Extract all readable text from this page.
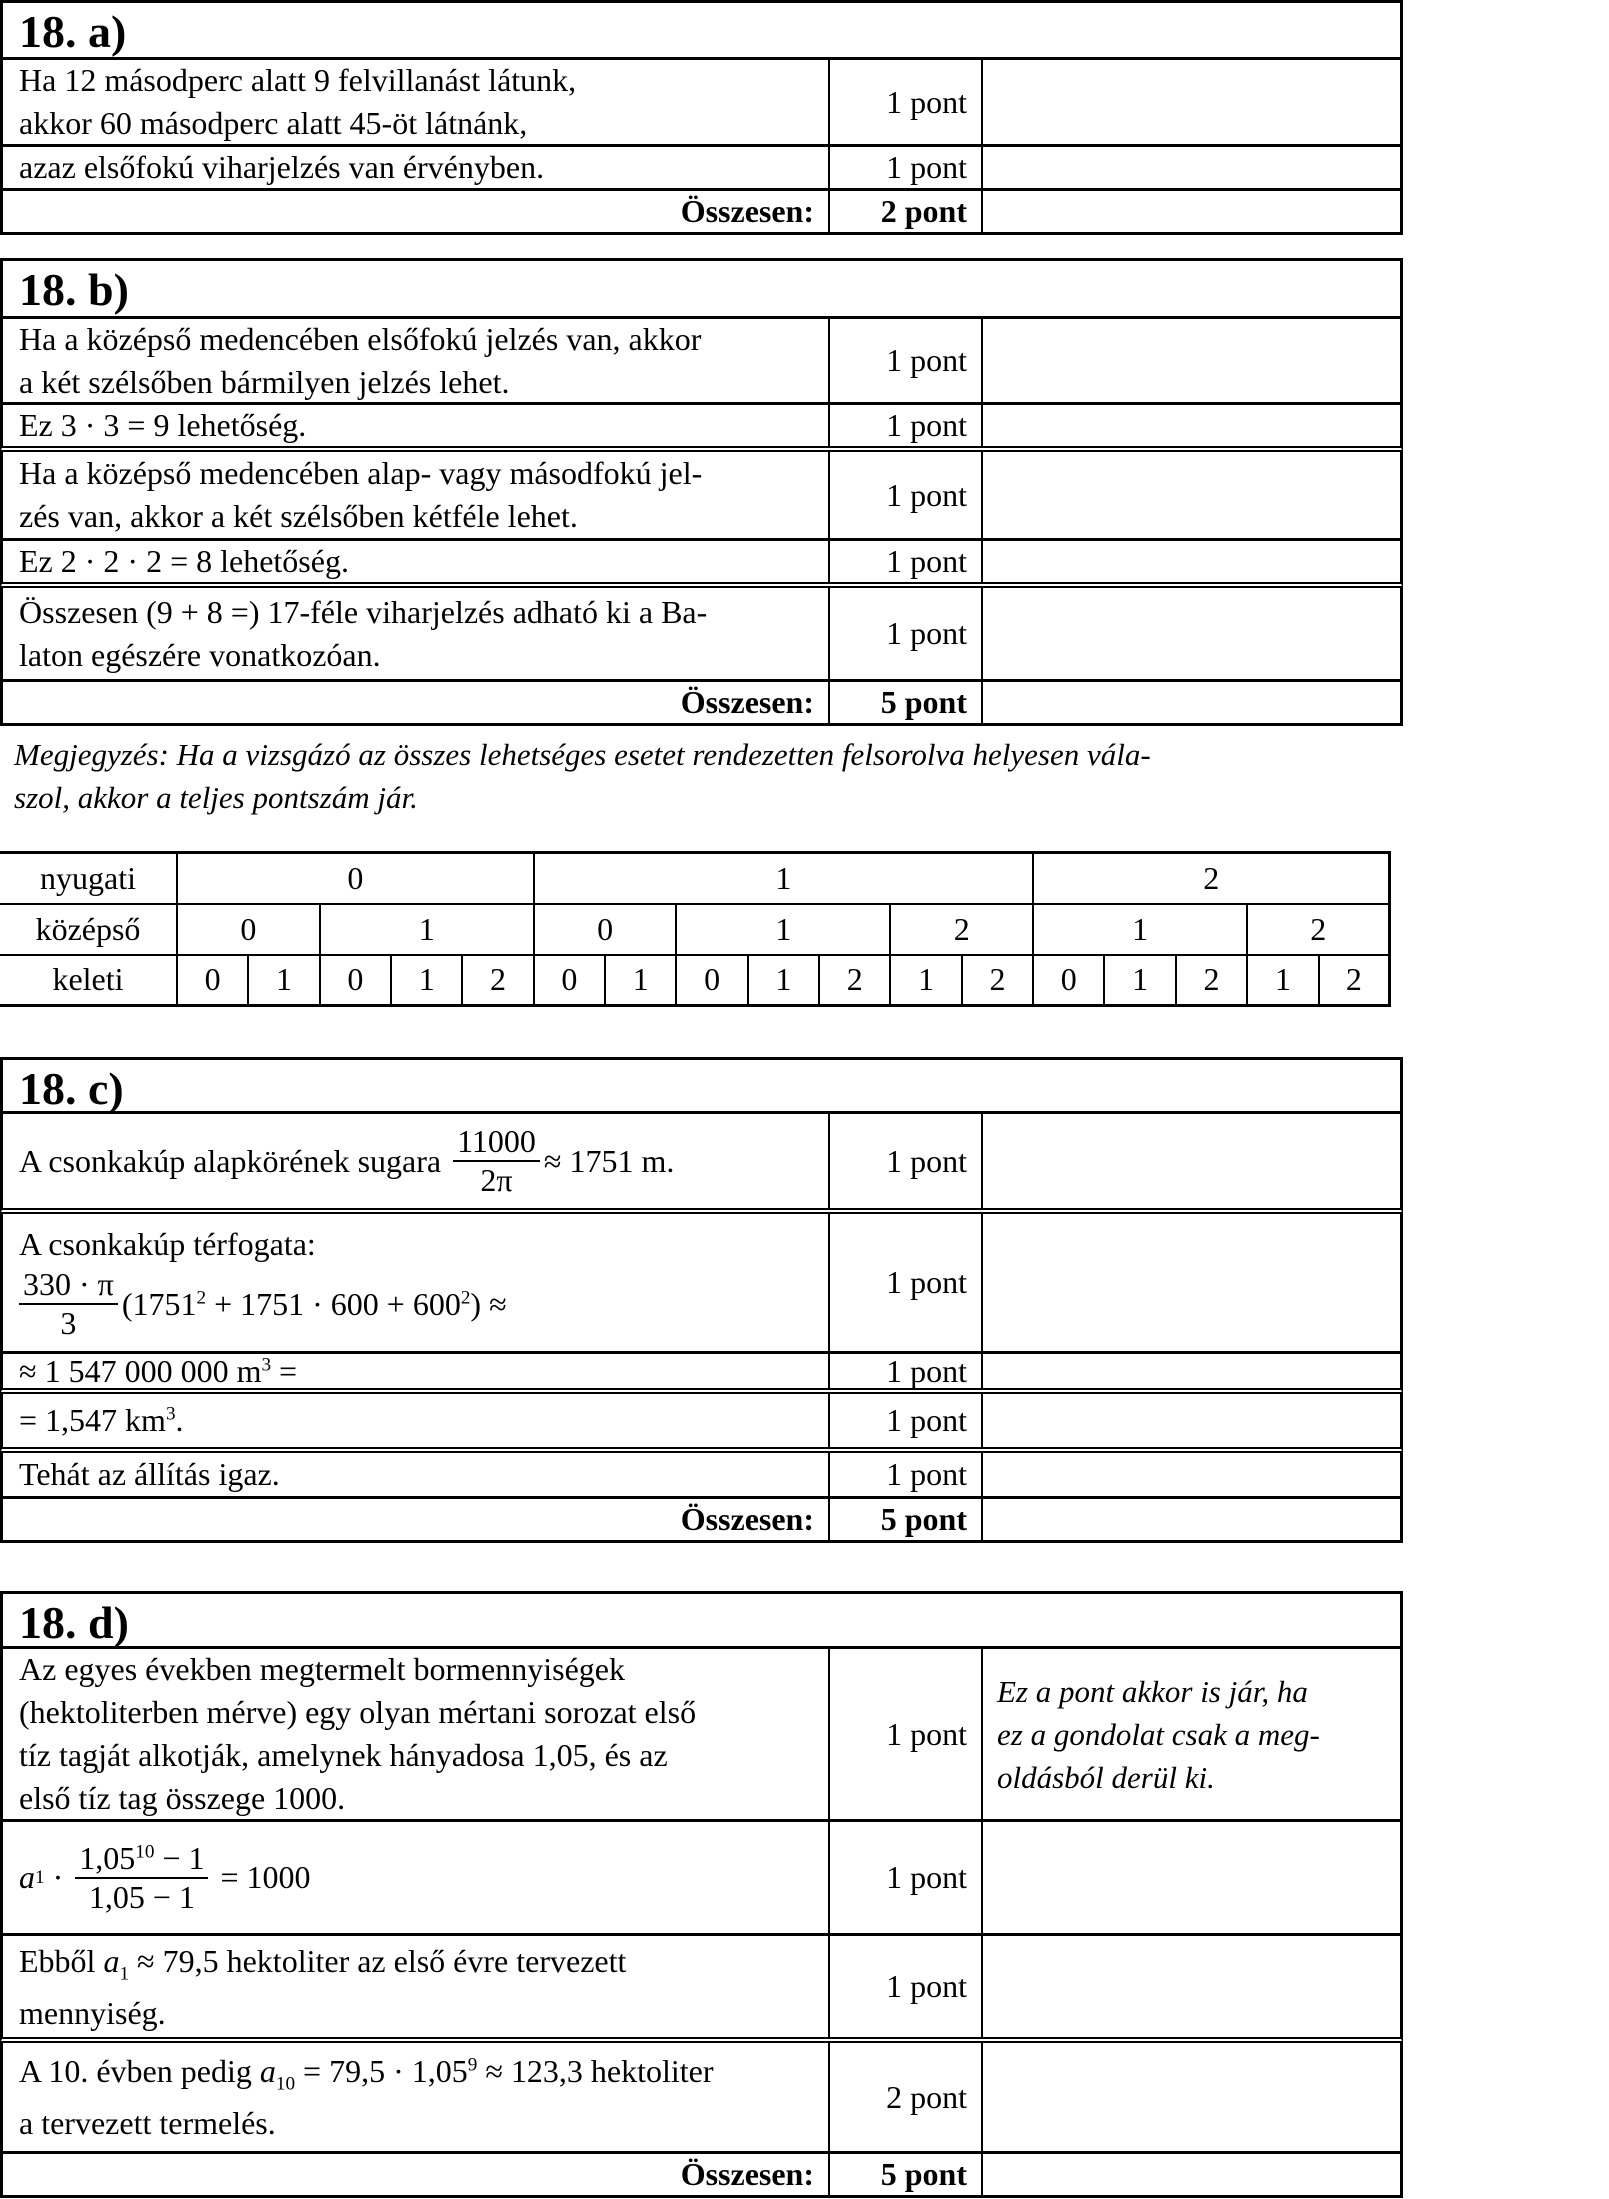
18. a)
Ha 12 másodperc alatt 9 felvillanást látunk,
akkor 60 másodperc alatt 45-öt látnánk,
1 pont
azaz elsőfokú viharjelzés van érvényben.	1 pont
Összesen:	2 pont
18. b)
Ha a középső medencében elsőfokú jelzés van, akkor
a két szélsőben bármilyen jelzés lehet.
1 pont
Ez 3 · 3 = 9 lehetőség.	1 pont
Ha a középső medencében alap- vagy másodfokú jel-
zés van, akkor a két szélsőben kétféle lehet.
1 pont
Ez 2 · 2 · 2 = 8 lehetőség.	1 pont
Összesen (9 + 8 =) 17-féle viharjelzés adható ki a Ba-
laton egészére vonatkozóan.
1 pont
Összesen:	5 pont
Megjegyzés: Ha a vizsgázó az összes lehetséges esetet rendezetten felsorolva helyesen vála-
szol, akkor a teljes pontszám jár.
nyugati	0					1							2				
középső	0		1			0		1			2		1			2	
keleti	0	1	0	1	2	0	1	0	1	2	1	2	0	1	2	1	2
18. c)
A csonkakúp alapkörének sugara $\frac{11000}{2\pi} \approx 1751$ m.	1 pont
A csonkakúp térfogata:
$\frac{330 \cdot \pi}{3} (1751^2 + 1751 \cdot 600 + 600^2)$ ≈
1 pont
≈ 1 547 000 000 $m^3$ =	1 pont
= 1,547 $km^3$.	1 pont
Tehát az állítás igaz.	1 pont
Összesen:	5 pont
18. d)
Az egyes években megtermelt bormennyiségek
(hektoliterben mérve) egy olyan mértani sorozat első
tíz tagját alkotják, amelynek hányadosa 1,05, és az
első tíz tag összege 1000.
1 pont
Ez a pont akkor is jár, ha
ez a gondolat csak a meg-
oldásból derül ki.
a $1 \cdot \frac{1,05^{10} - 1}{1,05 - 1} = 1000$	1 pont
Ebből $a_1 \approx 79,5$ hektoliter az első évre tervezett
mennyiség.
1 pont
A 10. évben pedig $a_{10} = 79,5 \cdot 1,05^9 \approx 123,3$ hektoliter
a tervezett termelés.
2 pont
Összesen:	5 pont
